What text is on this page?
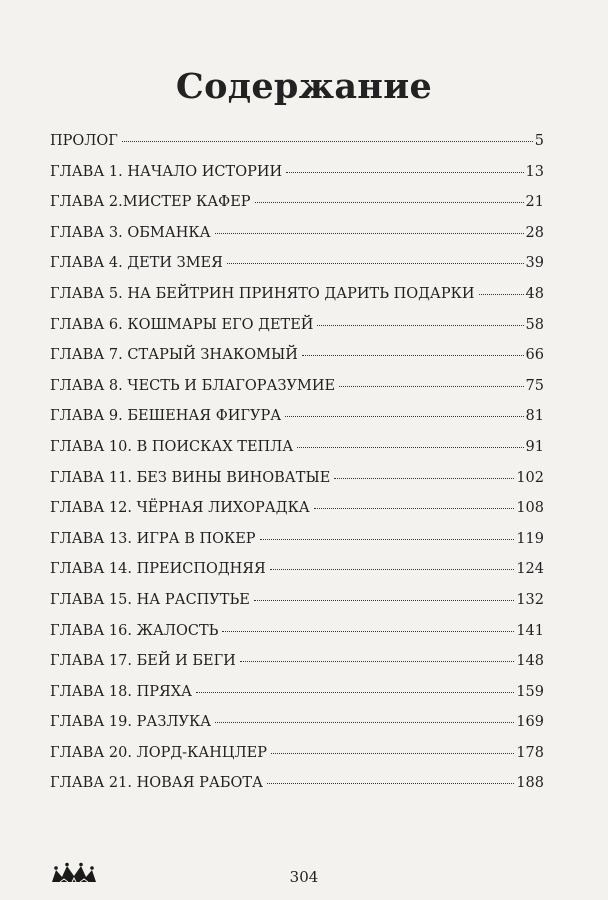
Содержание
ПРОЛОГ	5
ГЛАВА 1. НАЧАЛО ИСТОРИИ	13
ГЛАВА 2.МИСТЕР КАФЕР	21
ГЛАВА 3. ОБМАНКА	28
ГЛАВА 4. ДЕТИ ЗМЕЯ	39
ГЛАВА 5. НА БЕЙТРИН ПРИНЯТО ДАРИТЬ ПОДАРКИ	48
ГЛАВА 6. КОШМАРЫ ЕГО ДЕТЕЙ	58
ГЛАВА 7. СТАРЫЙ ЗНАКОМЫЙ	66
ГЛАВА 8. ЧЕСТЬ И БЛАГОРАЗУМИЕ	75
ГЛАВА 9. БЕШЕНАЯ ФИГУРА	81
ГЛАВА 10. В ПОИСКАХ ТЕПЛА	91
ГЛАВА 11. БЕЗ ВИНЫ ВИНОВАТЫЕ	102
ГЛАВА 12. ЧЁРНАЯ ЛИХОРАДКА	108
ГЛАВА 13. ИГРА В ПОКЕР	119
ГЛАВА 14. ПРЕИСПОДНЯЯ	124
ГЛАВА 15. НА РАСПУТЬЕ	132
ГЛАВА 16. ЖАЛОСТЬ	141
ГЛАВА 17. БЕЙ И БЕГИ	148
ГЛАВА 18. ПРЯХА	159
ГЛАВА 19. РАЗЛУКА	169
ГЛАВА 20. ЛОРД-КАНЦЛЕР	178
ГЛАВА 21. НОВАЯ РАБОТА	188
304
